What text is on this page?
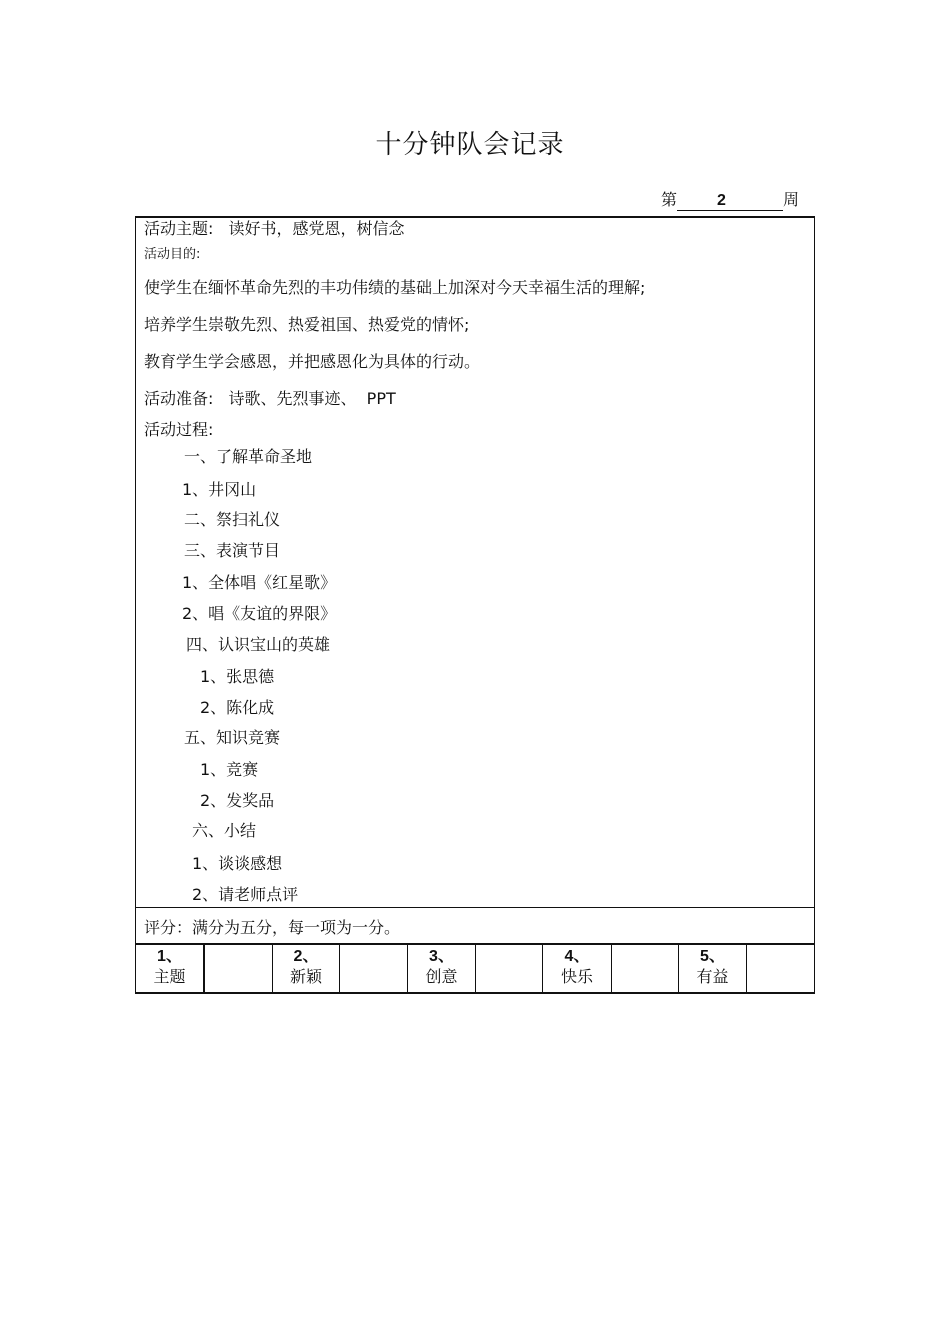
十分钟队会记录
第	2	周
活动主题: 读好书，感党恩，树信念
活动目的:
使学生在缅怀革命先烈的丰功伟绩的基础上加深对今天幸福生活的理解;
培养学生崇敬先烈、热爱祖国、热爱党的情怀;
教育学生学会感恩，并把感恩化为具体的行动。
活动准备: 诗歌、先烈事迹、  PPT
活动过程:
一、了解革命圣地
1、井冈山
二、祭扫礼仪
三、表演节目
1、全体唱《红星歌》
2、唱《友谊的界限》
四、认识宝山的英雄
1、张思德
2、陈化成
五、知识竞赛
1、竞赛
2、发奖品
六、小结
1、谈谈感想
2、请老师点评
评分：满分为五分，每一项为一分。
1、
主题
2、
新颖
3、
创意
4、
快乐
5、
有益
